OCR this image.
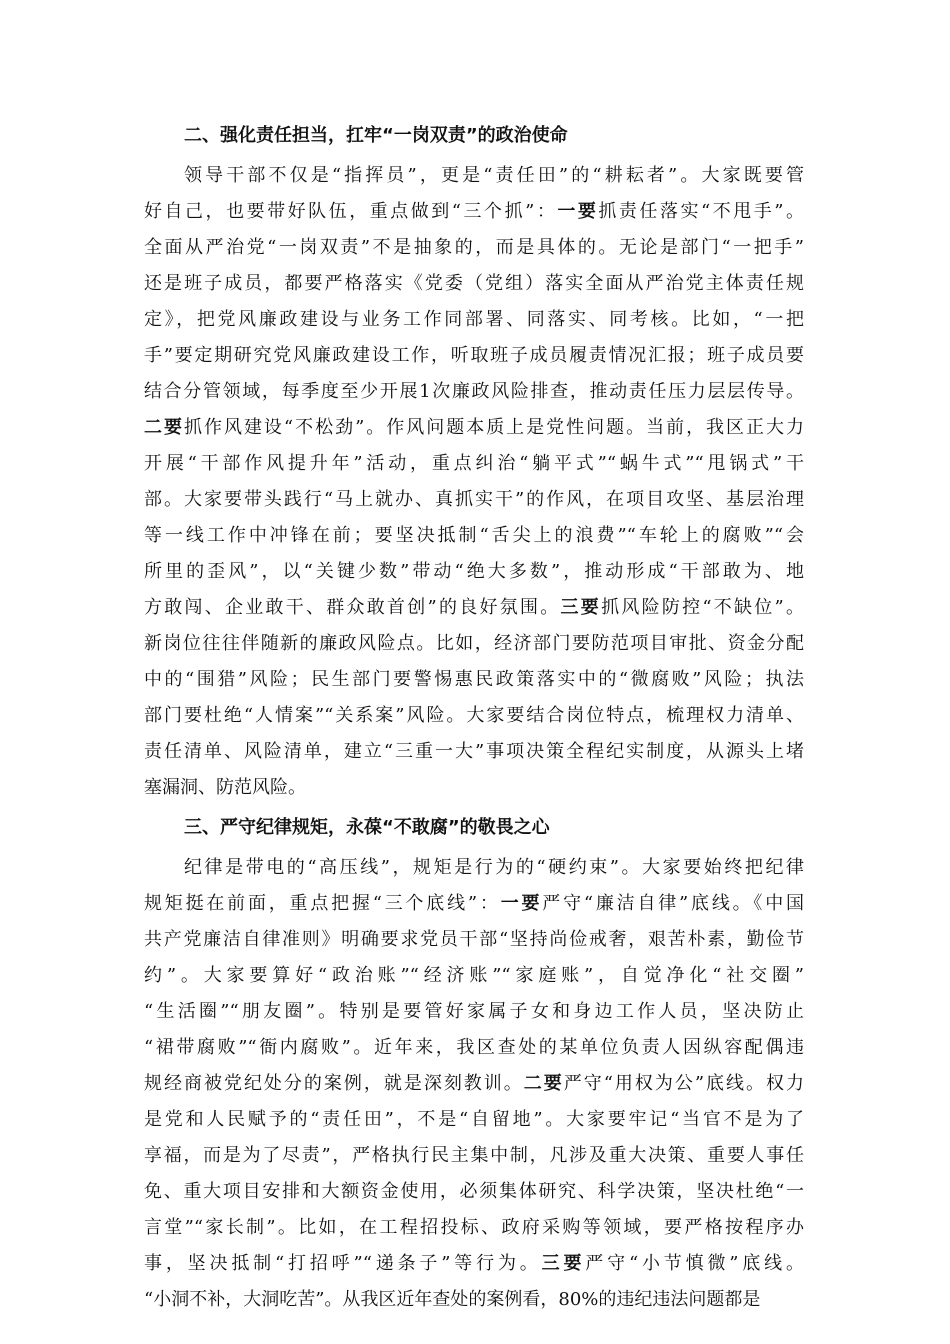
二、强化责任担当，扛牢“一岗双责”的政治使命
领导干部不仅是“指挥员”，更是“责任田”的“耕耘者”。大家既要管
好自己，也要带好队伍，重点做到“三个抓”：一要抓责任落实“不甩手”。
全面从严治党“一岗双责”不是抽象的，而是具体的。无论是部门“一把手”
还是班子成员，都要严格落实《党委（党组）落实全面从严治党主体责任规
定》，把党风廉政建设与业务工作同部署、同落实、同考核。比如，“一把
手”要定期研究党风廉政建设工作，听取班子成员履责情况汇报；班子成员要
结合分管领域，每季度至少开展1次廉政风险排查，推动责任压力层层传导。
二要抓作风建设“不松劲”。作风问题本质上是党性问题。当前，我区正大力
开展“干部作风提升年”活动，重点纠治“躺平式”“蜗牛式”“甩锅式”干
部。大家要带头践行“马上就办、真抓实干”的作风，在项目攻坚、基层治理
等一线工作中冲锋在前；要坚决抵制“舌尖上的浪费”“车轮上的腐败”“会
所里的歪风”，以“关键少数”带动“绝大多数”，推动形成“干部敢为、地
方敢闯、企业敢干、群众敢首创”的良好氛围。三要抓风险防控“不缺位”。
新岗位往往伴随新的廉政风险点。比如，经济部门要防范项目审批、资金分配
中的“围猎”风险；民生部门要警惕惠民政策落实中的“微腐败”风险；执法
部门要杜绝“人情案”“关系案”风险。大家要结合岗位特点，梳理权力清单、
责任清单、风险清单，建立“三重一大”事项决策全程纪实制度，从源头上堵
塞漏洞、防范风险。
三、严守纪律规矩，永葆“不敢腐”的敬畏之心
纪律是带电的“高压线”，规矩是行为的“硬约束”。大家要始终把纪律
规矩挺在前面，重点把握“三个底线”：一要严守“廉洁自律”底线。《中国
共产党廉洁自律准则》明确要求党员干部“坚持尚俭戒奢，艰苦朴素，勤俭节
约”。大家要算好“政治账”“经济账”“家庭账”，自觉净化“社交圈”
“生活圈”“朋友圈”。特别是要管好家属子女和身边工作人员，坚决防止
“裙带腐败”“衙内腐败”。近年来，我区查处的某单位负责人因纵容配偶违
规经商被党纪处分的案例，就是深刻教训。二要严守“用权为公”底线。权力
是党和人民赋予的“责任田”，不是“自留地”。大家要牢记“当官不是为了
享福，而是为了尽责”，严格执行民主集中制，凡涉及重大决策、重要人事任
免、重大项目安排和大额资金使用，必须集体研究、科学决策，坚决杜绝“一
言堂”“家长制”。比如，在工程招投标、政府采购等领域，要严格按程序办
事，坚决抵制“打招呼”“递条子”等行为。三要严守“小节慎微”底线。
“小洞不补，大洞吃苦”。从我区近年查处的案例看，80%的违纪违法问题都是
